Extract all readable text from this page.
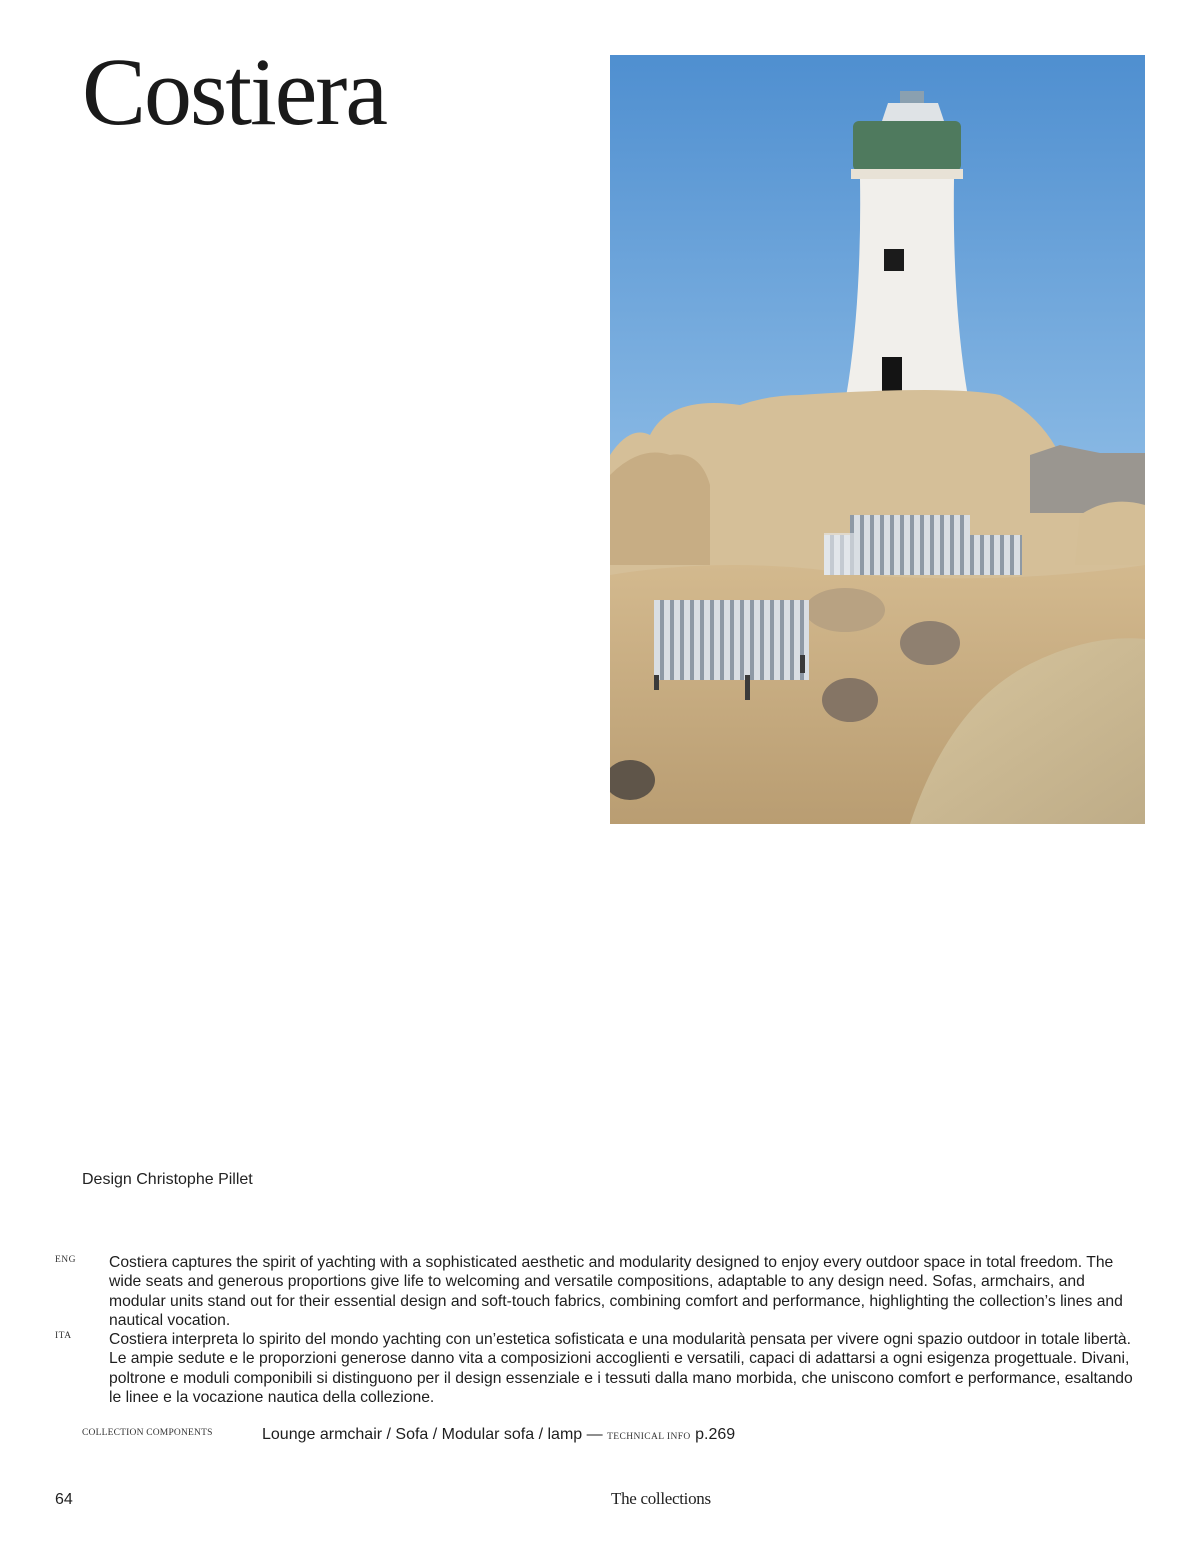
Costiera
Design Christophe Pillet
ENG Costiera captures the spirit of yachting with a sophisticated aesthetic and modularity designed to enjoy every outdoor space in total freedom. The wide seats and generous proportions give life to welcoming and versatile compositions, adaptable to any design need. Sofas, armchairs, and modular units stand out for their essential design and soft-touch fabrics, combining comfort and performance, highlighting the collection’s lines and nautical vocation.

ITA Costiera interpreta lo spirito del mondo yachting con un’estetica sofisticata e una modularità pensata per vivere ogni spazio outdoor in totale libertà. Le ampie sedute e le proporzioni generose danno vita a composizioni accoglienti e versatili, capaci di adattarsi a ogni esigenza progettuale. Divani, poltrone e moduli componibili si distinguono per il design essenziale e i tessuti dalla mano morbida, che uniscono comfort e performance, esaltando le linee e la vocazione nautica della collezione.

COLLECTION COMPONENTS	Lounge armchair / Sofa / Modular sofa / lamp — TECHNICAL INFO p.269
64	The collections
